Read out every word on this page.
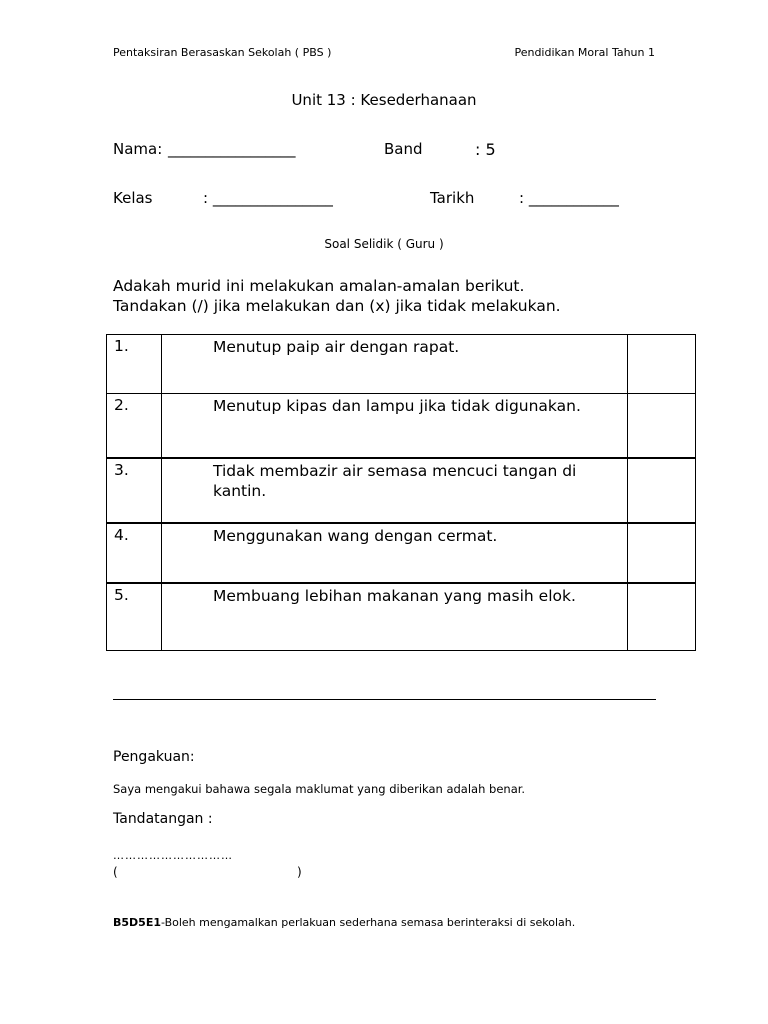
Pentaksiran Berasaskan Sekolah ( PBS )	Pendidikan Moral Tahun 1
Unit 13 : Kesederhanaan
Nama: _________________	Band	: 5
Kelas	: ________________	Tarikh	: ____________
Soal Selidik ( Guru )
Adakah murid ini melakukan amalan-amalan berikut.
Tandakan (/) jika melakukan dan (x) jika tidak melakukan.
1.	Menutup paip air dengan rapat.	
2.	Menutup kipas dan lampu jika tidak digunakan.	
3.	Tidak membazir air semasa mencuci tangan di kantin.	
4.	Menggunakan wang dengan cermat.	
5.	Membuang lebihan makanan yang masih elok.	
Pengakuan:
Saya mengakui bahawa segala maklumat yang diberikan adalah benar.
Tandatangan :
…………………………
(	)
B5D5E1-Boleh mengamalkan perlakuan sederhana semasa berinteraksi di sekolah.
